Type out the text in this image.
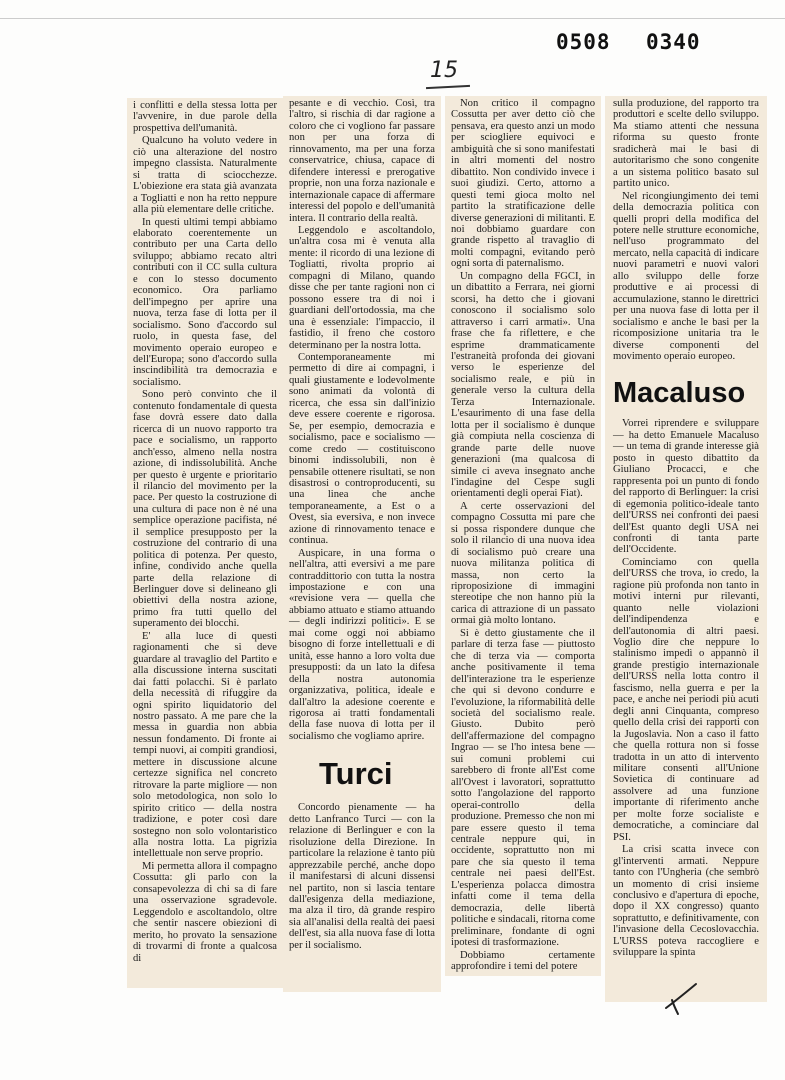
0508 0340
15

i conflitti e della stessa lotta per l'avvenire, in due parole della prospettiva dell'umanità.

Qualcuno ha voluto vedere in ciò una alterazione del nostro impegno classista. Naturalmente si tratta di sciocchezze. L'obiezione era stata già avanzata a Togliatti e non ha retto neppure alla più elementare delle critiche.

In questi ultimi tempi abbiamo elaborato coerentemente un contributo per una Carta dello sviluppo; abbiamo recato altri contributi con il CC sulla cultura e con lo stesso documento economico. Ora parliamo dell'impegno per aprire una nuova, terza fase di lotta per il socialismo. Sono d'accordo sul ruolo, in questa fase, del movimento operaio europeo e dell'Europa; sono d'accordo sulla inscindibilità tra democrazia e socialismo.

Sono però convinto che il contenuto fondamentale di questa fase dovrà essere dato dalla ricerca di un nuovo rapporto tra pace e socialismo, un rapporto anch'esso, almeno nella nostra azione, di indissolubilità. Anche per questo è urgente e prioritario il rilancio del movimento per la pace. Per questo la costruzione di una cultura di pace non è né una semplice operazione pacifista, né il semplice presupposto per la costruzione del contrario di una politica di potenza. Per questo, infine, condivido anche quella parte della relazione di Berlinguer dove si delineano gli obiettivi della nostra azione, primo fra tutti quello del superamento dei blocchi.

E' alla luce di questi ragionamenti che si deve guardare al travaglio del Partito e alla discussione interna suscitati dai fatti polacchi. Si è parlato della necessità di rifuggire da ogni spirito liquidatorio del nostro passato. A me pare che la messa in guardia non abbia nessun fondamento. Di fronte ai tempi nuovi, ai compiti grandiosi, mettere in discussione alcune certezze significa nel concreto ritrovare la parte migliore — non solo metodologica, non solo lo spirito critico — della nostra tradizione, e poter così dare sostegno non solo volontaristico alla nostra lotta. La pigrizia intellettuale non serve proprio.

Mi permetta allora il compagno Cossutta: gli parlo con la consapevolezza di chi sa di fare una osservazione sgradevole. Leggendolo e ascoltandolo, oltre che sentir nascere obiezioni di merito, ho provato la sensazione di trovarmi di fronte a qualcosa di

pesante e di vecchio. Così, tra l'altro, si rischia di dar ragione a coloro che ci vogliono far passare non per una forza di rinnovamento, ma per una forza conservatrice, chiusa, capace di difendere interessi e prerogative proprie, non una forza nazionale e internazionale capace di affermare interessi del popolo e dell'umanità intera. Il contrario della realtà.

Leggendolo e ascoltandolo, un'altra cosa mi è venuta alla mente: il ricordo di una lezione di Togliatti, rivolta proprio ai compagni di Milano, quando disse che per tante ragioni non ci possono essere tra di noi i guardiani dell'ortodossia, ma che una è essenziale: l'impaccio, il fastidio, il freno che costoro determinano per la nostra lotta.

Contemporaneamente mi permetto di dire ai compagni, i quali giustamente e lodevolmente sono animati da volontà di ricerca, che essa sin dall'inizio deve essere coerente e rigorosa. Se, per esempio, democrazia e socialismo, pace e socialismo — come credo — costituiscono binomi indissolubili, non è pensabile ottenere risultati, se non disastrosi o controproducenti, su una linea che anche temporaneamente, a Est o a Ovest, sia eversiva, e non invece azione di rinnovamento tenace e continua.

Auspicare, in una forma o nell'altra, atti eversivi a me pare contraddittorio con tutta la nostra impostazione e con una «revisione vera — quella che abbiamo attuato e stiamo attuando — degli indirizzi politici». E se mai come oggi noi abbiamo bisogno di forze intellettuali e di unità, esse hanno a loro volta due presupposti: da un lato la difesa della nostra autonomia organizzativa, politica, ideale e dall'altro la adesione coerente e rigorosa ai tratti fondamentali della fase nuova di lotta per il socialismo che vogliamo aprire.

Turci

Concordo pienamente — ha detto Lanfranco Turci — con la relazione di Berlinguer e con la risoluzione della Direzione. In particolare la relazione è tanto più apprezzabile perché, anche dopo il manifestarsi di alcuni dissensi nel partito, non si lascia tentare dall'esigenza della mediazione, ma alza il tiro, dà grande respiro sia all'analisi della realtà dei paesi dell'est, sia alla nuova fase di lotta per il socialismo.

Non critico il compagno Cossutta per aver detto ciò che pensava, era questo anzi un modo per sciogliere equivoci e ambiguità che si sono manifestati in altri momenti del nostro dibattito. Non condivido invece i suoi giudizi. Certo, attorno a questi temi gioca molto nel partito la stratificazione delle diverse generazioni di militanti. E noi dobbiamo guardare con grande rispetto al travaglio di molti compagni, evitando però ogni sorta di paternalismo.

Un compagno della FGCI, in un dibattito a Ferrara, nei giorni scorsi, ha detto che i giovani conoscono il socialismo solo attraverso i carri armati». Una frase che fa riflettere, e che esprime drammaticamente l'estraneità profonda dei giovani verso le esperienze del socialismo reale, e più in generale verso la cultura della Terza Internazionale. L'esaurimento di una fase della lotta per il socialismo è dunque già compiuta nella coscienza di grande parte delle nuove generazioni (ma qualcosa di simile ci aveva insegnato anche l'indagine del Cespe sugli orientamenti degli operai Fiat).

A certe osservazioni del compagno Cossutta mi pare che si possa rispondere dunque che solo il rilancio di una nuova idea di socialismo può creare una nuova militanza politica di massa, non certo la riproposizione di immagini stereotipe che non hanno più la carica di attrazione di un passato ormai già molto lontano.

Si è detto giustamente che il parlare di terza fase — piuttosto che di terza via — comporta anche positivamente il tema dell'interazione tra le esperienze che qui si devono condurre e l'evoluzione, la riformabilità delle società del socialismo reale. Giusto. Dubito però dell'affermazione del compagno Ingrao — se l'ho intesa bene — sui comuni problemi cui sarebbero di fronte all'Est come all'Ovest i lavoratori, soprattutto sotto l'angolazione del rapporto operai-controllo della produzione. Premesso che non mi pare essere questo il tema centrale neppure qui, in occidente, soprattutto non mi pare che sia questo il tema centrale nei paesi dell'Est. L'esperienza polacca dimostra infatti come il tema della democrazia, delle libertà politiche e sindacali, ritorna come preliminare, fondante di ogni ipotesi di trasformazione.

Dobbiamo certamente approfondire i temi del potere

sulla produzione, del rapporto tra produttori e scelte dello sviluppo. Ma stiamo attenti che nessuna riforma su questo fronte sradicherà mai le basi di autoritarismo che sono congenite a un sistema politico basato sul partito unico.

Nel ricongiungimento dei temi della democrazia politica con quelli propri della modifica del potere nelle strutture economiche, nell'uso programmato del mercato, nella capacità di indicare nuovi parametri e nuovi valori allo sviluppo delle forze produttive e ai processi di accumulazione, stanno le direttrici per una nuova fase di lotta per il socialismo e anche le basi per la ricomposizione unitaria tra le diverse componenti del movimento operaio europeo.

Macaluso

Vorrei riprendere e sviluppare — ha detto Emanuele Macaluso — un tema di grande interesse già posto in questo dibattito da Giuliano Procacci, e che rappresenta poi un punto di fondo del rapporto di Berlinguer: la crisi di egemonia politico-ideale tanto dell'URSS nei confronti dei paesi dell'Est quanto degli USA nei confronti di tanta parte dell'Occidente.

Cominciamo con quella dell'URSS che trova, io credo, la ragione più profonda non tanto in motivi interni pur rilevanti, quanto nelle violazioni dell'indipendenza e dell'autonomia di altri paesi. Voglio dire che neppure lo stalinismo impedì o appannò il grande prestigio internazionale dell'URSS nella lotta contro il fascismo, nella guerra e per la pace, e anche nei periodi più acuti degli anni Cinquanta, compreso quello della crisi dei rapporti con la Jugoslavia. Non a caso il fatto che quella rottura non si fosse tradotta in un atto di intervento militare consentì all'Unione Sovietica di continuare ad assolvere ad una funzione importante di riferimento anche per molte forze socialiste e democratiche, a cominciare dal PSI.

La crisi scatta invece con gl'interventi armati. Neppure tanto con l'Ungheria (che sembrò un momento di crisi insieme conclusivo e d'apertura di epoche, dopo il XX congresso) quanto soprattutto, e definitivamente, con l'invasione della Cecoslovacchia. L'URSS poteva raccogliere e sviluppare la spinta
